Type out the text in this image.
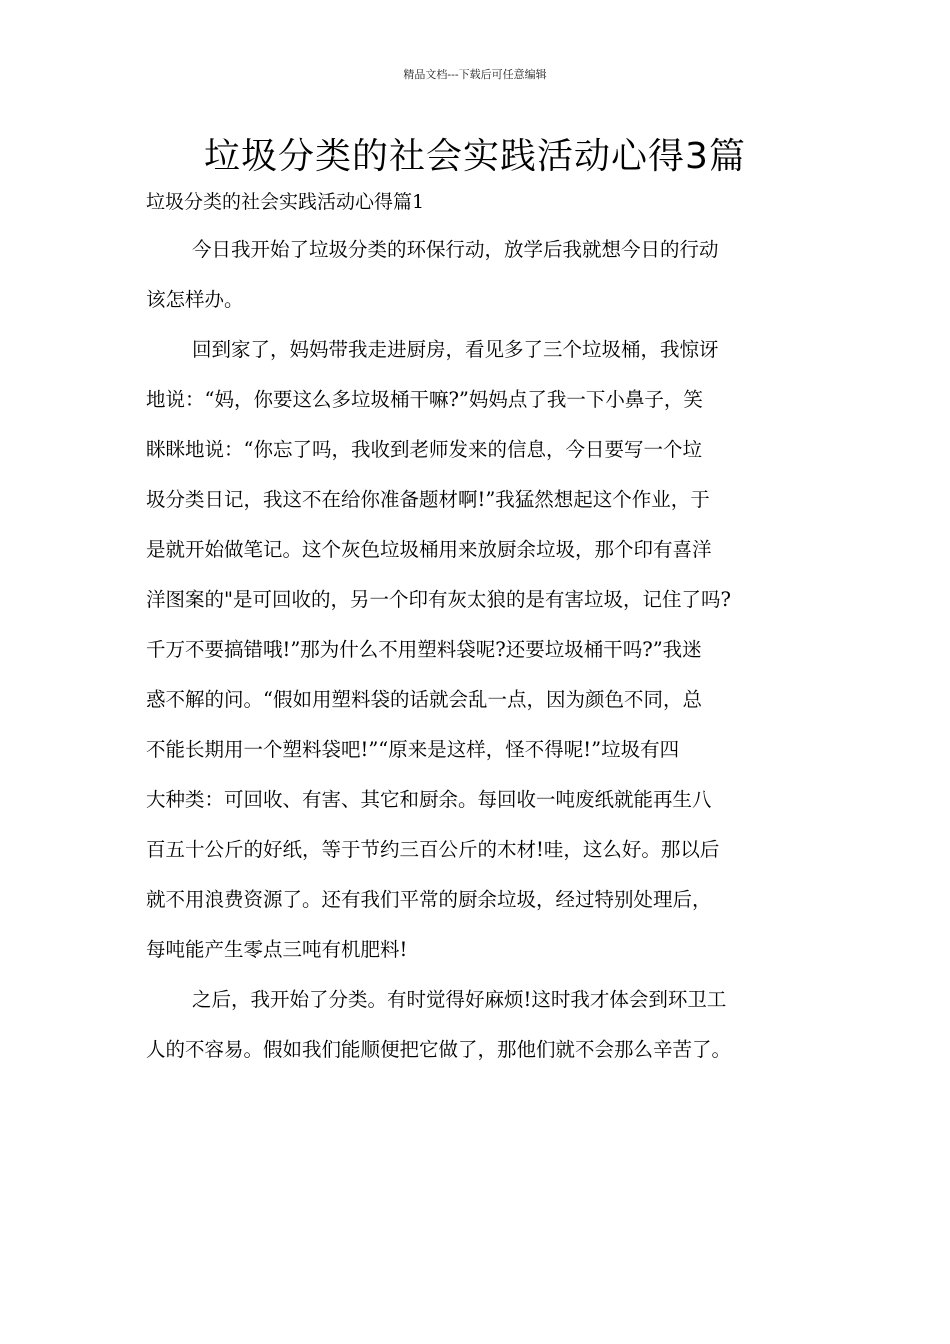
精品文档---下载后可任意编辑
垃圾分类的社会实践活动心得3篇
垃圾分类的社会实践活动心得篇1
今日我开始了垃圾分类的环保行动，放学后我就想今日的行动
该怎样办。
回到家了，妈妈带我走进厨房，看见多了三个垃圾桶，我惊讶
地说：“妈，你要这么多垃圾桶干嘛?”妈妈点了我一下小鼻子，笑
眯眯地说：“你忘了吗，我收到老师发来的信息，今日要写一个垃
圾分类日记，我这不在给你准备题材啊!”我猛然想起这个作业，于
是就开始做笔记。这个灰色垃圾桶用来放厨余垃圾，那个印有喜洋
洋图案的"是可回收的，另一个印有灰太狼的是有害垃圾，记住了吗?
千万不要搞错哦!”那为什么不用塑料袋呢?还要垃圾桶干吗?”我迷
惑不解的问。“假如用塑料袋的话就会乱一点，因为颜色不同，总
不能长期用一个塑料袋吧!”“原来是这样，怪不得呢!”垃圾有四
大种类：可回收、有害、其它和厨余。每回收一吨废纸就能再生八
百五十公斤的好纸，等于节约三百公斤的木材!哇，这么好。那以后
就不用浪费资源了。还有我们平常的厨余垃圾，经过特别处理后，
每吨能产生零点三吨有机肥料!
之后，我开始了分类。有时觉得好麻烦!这时我才体会到环卫工
人的不容易。假如我们能顺便把它做了，那他们就不会那么辛苦了。
